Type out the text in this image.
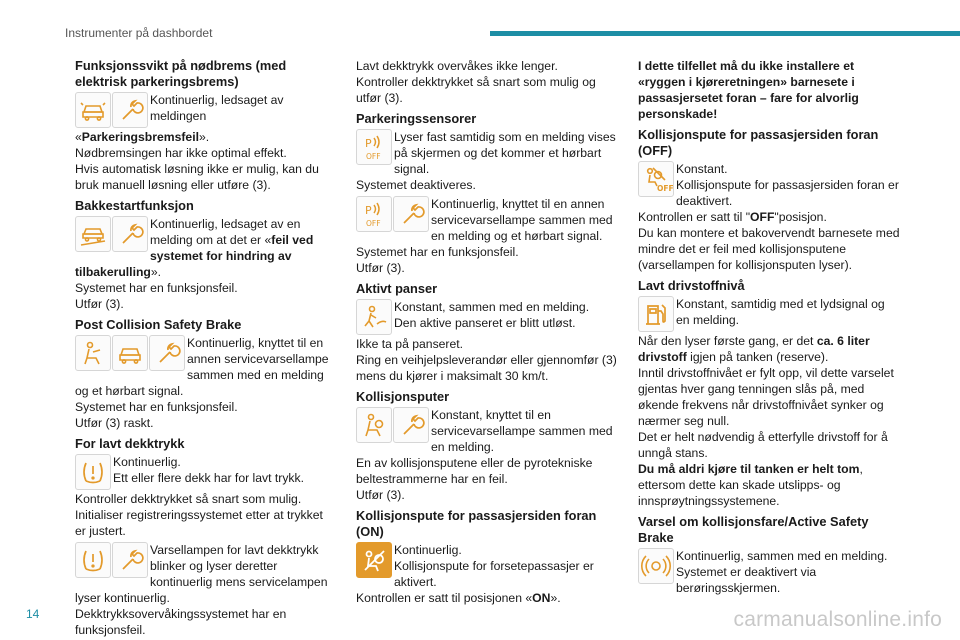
Instrumenter på dashbordet
Funksjonssvikt på nødbrems (med elektrisk parkeringsbrems)

Kontinuerlig, ledsaget av meldingen

«Parkeringsbremsfeil».

Nødbremsingen har ikke optimal effekt.

Hvis automatisk løsning ikke er mulig, kan du bruk manuell løsning eller utføre (3).

Bakkestartfunksjon

Kontinuerlig, ledsaget av en melding om at det er «feil ved systemet for hindring av tilbakerulling».

Systemet har en funksjonsfeil.

Utfør (3).

Post Collision Safety Brake

Kontinuerlig, knyttet til en annen servicevarsellampe sammen med en melding og et hørbart signal.

Systemet har en funksjonsfeil.

Utfør (3) raskt.

For lavt dekktrykk

Kontinuerlig.

Ett eller flere dekk har for lavt trykk.

Kontroller dekktrykket så snart som mulig.

Initialiser registreringssystemet etter at trykket er justert.

Varsellampen for lavt dekktrykk blinker og lyser deretter kontinuerlig mens servicelampen lyser kontinuerlig.

Dekktrykksovervåkingssystemet har en funksjonsfeil.

Lavt dekktrykk overvåkes ikke lenger.

Kontroller dekktrykket så snart som mulig og utfør (3).

Parkeringssensorer
P
OFF

Lyser fast samtidig som en melding vises på skjermen og det kommer et hørbart signal.

Systemet deaktiveres.

P
OFF

Kontinuerlig, knyttet til en annen servicevarsellampe sammen med en melding og et hørbart signal.

Systemet har en funksjonsfeil.

Utfør (3).

Aktivt panser

Konstant, sammen med en melding.

Den aktive panseret er blitt utløst.

Ikke ta på panseret.

Ring en veihjelpsleverandør eller gjennomfør (3) mens du kjører i maksimalt 30 km/t.

Kollisjonsputer

Konstant, knyttet til en servicevarsellampe sammen med en melding.

En av kollisjonsputene eller de pyrotekniske beltestrammerne har en feil.

Utfør (3).

Kollisjonspute for passasjersiden foran (ON)

Kontinuerlig.

Kollisjonspute for forsetepassasjer er aktivert.

Kontrollen er satt til posisjonen «ON».

I dette tilfellet må du ikke installere et «ryggen i kjøreretningen» barnesete i passasjersetet foran – fare for alvorlig personskade!

Kollisjonspute for passasjersiden foran (OFF)
OFF

Konstant.

Kollisjonspute for passasjersiden foran er deaktivert.

Kontrollen er satt til "OFF"posisjon.

Du kan montere et bakovervendt barnesete med mindre det er feil med kollisjonsputene (varsellampen for kollisjonsputen lyser).

Lavt drivstoffnivå

Konstant, samtidig med et lydsignal og en melding.

Når den lyser første gang, er det ca. 6 liter drivstoff igjen på tanken (reserve).

Inntil drivstoffnivået er fylt opp, vil dette varselet gjentas hver gang tenningen slås på, med økende frekvens når drivstoffnivået synker og nærmer seg null.

Det er helt nødvendig å etterfylle drivstoff for å unngå stans.

Du må aldri kjøre til tanken er helt tom, ettersom dette kan skade utslipps- og innsprøytningssystemene.

Varsel om kollisjonsfare/Active Safety Brake

Kontinuerlig, sammen med en melding.

Systemet er deaktivert via berøringsskjermen.

14	carmanualsonline.info
